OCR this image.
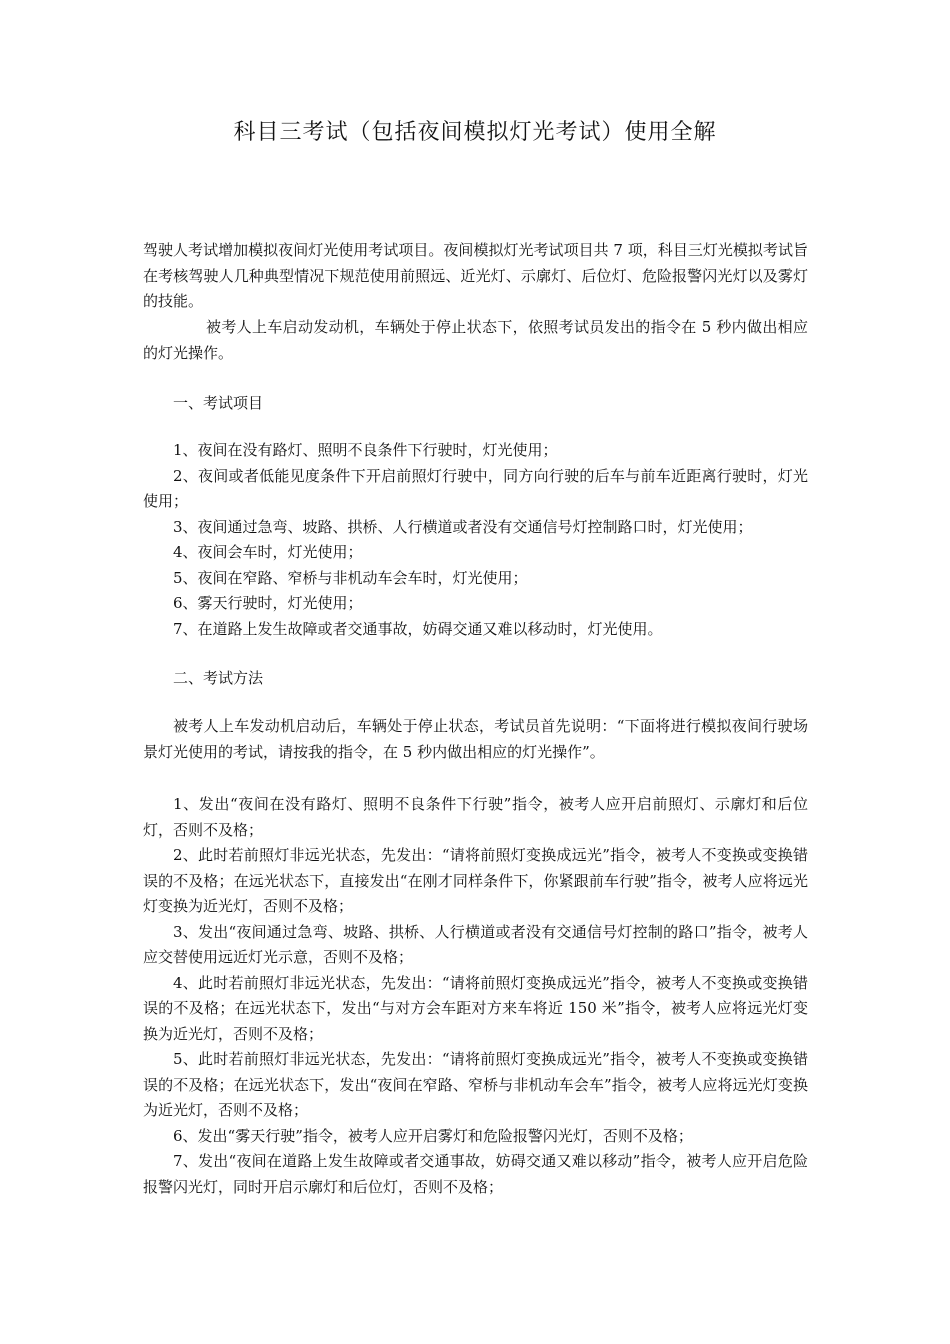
科目三考试（包括夜间模拟灯光考试）使用全解

驾驶人考试增加模拟夜间灯光使用考试项目。夜间模拟灯光考试项目共 7 项，科目三灯光模拟考试旨在考核驾驶人几种典型情况下规范使用前照远、近光灯、示廓灯、后位灯、危险报警闪光灯以及雾灯的技能。

被考人上车启动发动机，车辆处于停止状态下，依照考试员发出的指令在 5 秒内做出相应的灯光操作。

一、考试项目

1、夜间在没有路灯、照明不良条件下行驶时，灯光使用；

2、夜间或者低能见度条件下开启前照灯行驶中，同方向行驶的后车与前车近距离行驶时，灯光使用；

3、夜间通过急弯、坡路、拱桥、人行横道或者没有交通信号灯控制路口时，灯光使用；

4、夜间会车时，灯光使用；

5、夜间在窄路、窄桥与非机动车会车时，灯光使用；

6、雾天行驶时，灯光使用；

7、在道路上发生故障或者交通事故，妨碍交通又难以移动时，灯光使用。

二、考试方法

被考人上车发动机启动后，车辆处于停止状态，考试员首先说明：“下面将进行模拟夜间行驶场景灯光使用的考试，请按我的指令，在 5 秒内做出相应的灯光操作”。

1、发出“夜间在没有路灯、照明不良条件下行驶”指令，被考人应开启前照灯、示廓灯和后位灯，否则不及格；

2、此时若前照灯非远光状态，先发出：“请将前照灯变换成远光”指令，被考人不变换或变换错误的不及格；在远光状态下，直接发出“在刚才同样条件下，你紧跟前车行驶”指令，被考人应将远光灯变换为近光灯，否则不及格；

3、发出“夜间通过急弯、坡路、拱桥、人行横道或者没有交通信号灯控制的路口”指令，被考人应交替使用远近灯光示意，否则不及格；

4、此时若前照灯非远光状态，先发出：“请将前照灯变换成远光”指令，被考人不变换或变换错误的不及格；在远光状态下，发出“与对方会车距对方来车将近 150 米”指令，被考人应将远光灯变换为近光灯，否则不及格；

5、此时若前照灯非远光状态，先发出：“请将前照灯变换成远光”指令，被考人不变换或变换错误的不及格；在远光状态下，发出“夜间在窄路、窄桥与非机动车会车”指令，被考人应将远光灯变换为近光灯，否则不及格；

6、发出“雾天行驶”指令，被考人应开启雾灯和危险报警闪光灯，否则不及格；

7、发出“夜间在道路上发生故障或者交通事故，妨碍交通又难以移动”指令，被考人应开启危险报警闪光灯，同时开启示廓灯和后位灯，否则不及格；
